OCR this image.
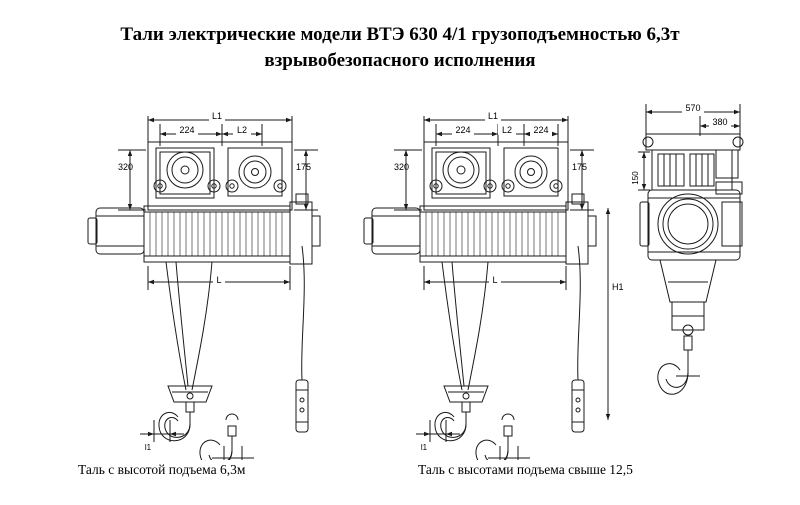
Тали электрические модели ВТЭ 630 4/1 грузоподъемностью 6,3т
взрывобезопасного исполнения
L1
224	L2
320	175
L
l1
L1
224	L2 224
320	175
L
H1
l1
570
380
150
Таль с высотой подъема 6,3м	Таль с высотами подъема свыше 12,5
